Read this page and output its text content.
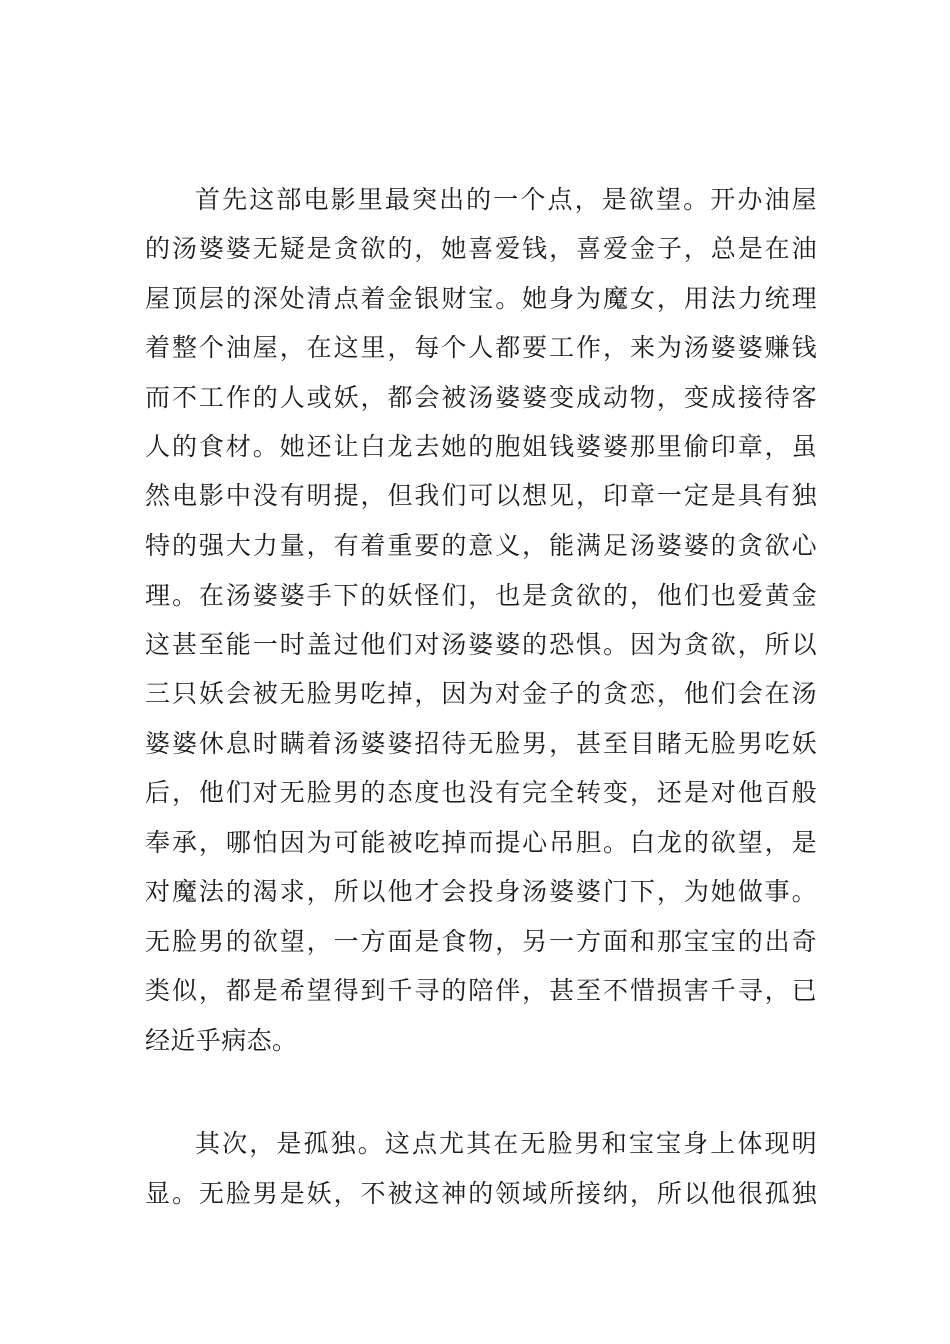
首先这部电影里最突出的一个点，是欲望。开办油屋

的汤婆婆无疑是贪欲的，她喜爱钱，喜爱金子，总是在油

屋顶层的深处清点着金银财宝。她身为魔女，用法力统理

着整个油屋，在这里，每个人都要工作，来为汤婆婆赚钱

而不工作的人或妖，都会被汤婆婆变成动物，变成接待客

人的食材。她还让白龙去她的胞姐钱婆婆那里偷印章，虽

然电影中没有明提，但我们可以想见，印章一定是具有独

特的强大力量，有着重要的意义，能满足汤婆婆的贪欲心

理。在汤婆婆手下的妖怪们，也是贪欲的，他们也爱黄金

这甚至能一时盖过他们对汤婆婆的恐惧。因为贪欲，所以

三只妖会被无脸男吃掉，因为对金子的贪恋，他们会在汤

婆婆休息时瞒着汤婆婆招待无脸男，甚至目睹无脸男吃妖

后，他们对无脸男的态度也没有完全转变，还是对他百般

奉承，哪怕因为可能被吃掉而提心吊胆。白龙的欲望，是

对魔法的渴求，所以他才会投身汤婆婆门下，为她做事。

无脸男的欲望，一方面是食物，另一方面和那宝宝的出奇

类似，都是希望得到千寻的陪伴，甚至不惜损害千寻，已

经近乎病态。

其次，是孤独。这点尤其在无脸男和宝宝身上体现明

显。无脸男是妖，不被这神的领域所接纳，所以他很孤独
